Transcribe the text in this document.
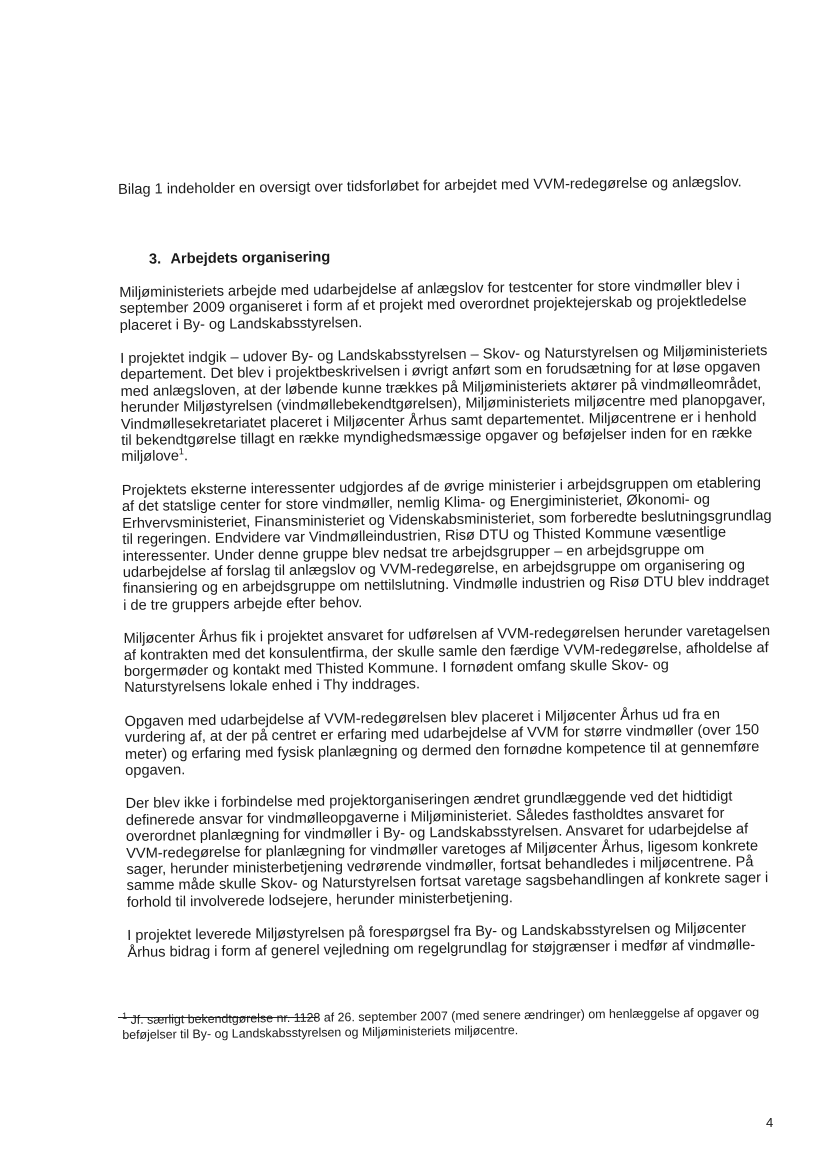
Bilag 1 indeholder en oversigt over tidsforløbet for arbejdet med VVM-redegørelse og anlægslov.

3. Arbejdets organisering

Miljøministeriets arbejde med udarbejdelse af anlægslov for testcenter for store vindmøller blev i september 2009 organiseret i form af et projekt med overordnet projektejerskab og projektledelse placeret i By- og Landskabsstyrelsen.

I projektet indgik – udover By- og Landskabsstyrelsen – Skov- og Naturstyrelsen og Miljøministeriets departement. Det blev i projektbeskrivelsen i øvrigt anført som en forudsætning for at løse opgaven med anlægsloven, at der løbende kunne trækkes på Miljøministeriets aktører på vindmølleområdet, herunder Miljøstyrelsen (vindmøllebekendtgørelsen), Miljøministeriets miljøcentre med planopgaver, Vindmøllesekretariatet placeret i Miljøcenter Århus samt departementet. Miljøcentrene er i henhold til bekendtgørelse tillagt en række myndighedsmæssige opgaver og beføjelser inden for en række miljølove$^1$.

Projektets eksterne interessenter udgjordes af de øvrige ministerier i arbejdsgruppen om etablering af det statslige center for store vindmøller, nemlig Klima- og Energiministeriet, Økonomi- og Erhvervsministeriet, Finansministeriet og Videnskabsministeriet, som forberedte beslutningsgrundlag til regeringen. Endvidere var Vindmølleindustrien, Risø DTU og Thisted Kommune væsentlige interessenter. Under denne gruppe blev nedsat tre arbejdsgrupper – en arbejdsgruppe om udarbejdelse af forslag til anlægslov og VVM-redegørelse, en arbejdsgruppe om organisering og finansiering og en arbejdsgruppe om nettilslutning. Vindmølle industrien og Risø DTU blev inddraget i de tre gruppers arbejde efter behov.

Miljøcenter Århus fik i projektet ansvaret for udførelsen af VVM-redegørelsen herunder varetagelsen af kontrakten med det konsulentfirma, der skulle samle den færdige VVM-redegørelse, afholdelse af borgermøder og kontakt med Thisted Kommune. I fornødent omfang skulle Skov- og Naturstyrelsens lokale enhed i Thy inddrages.

Opgaven med udarbejdelse af VVM-redegørelsen blev placeret i Miljøcenter Århus ud fra en vurdering af, at der på centret er erfaring med udarbejdelse af VVM for større vindmøller (over 150 meter) og erfaring med fysisk planlægning og dermed den fornødne kompetence til at gennemføre opgaven.

Der blev ikke i forbindelse med projektorganiseringen ændret grundlæggende ved det hidtidigt definerede ansvar for vindmølleopgaverne i Miljøministeriet. Således fastholdtes ansvaret for overordnet planlægning for vindmøller i By- og Landskabsstyrelsen. Ansvaret for udarbejdelse af VVM-redegørelse for planlægning for vindmøller varetoges af Miljøcenter Århus, ligesom konkrete sager, herunder ministerbetjening vedrørende vindmøller, fortsat behandledes i miljøcentrene. På samme måde skulle Skov- og Naturstyrelsen fortsat varetage sagsbehandlingen af konkrete sager i forhold til involverede lodsejere, herunder ministerbetjening.

I projektet leverede Miljøstyrelsen på forespørgsel fra By- og Landskabsstyrelsen og Miljøcenter Århus bidrag i form af generel vejledning om regelgrundlag for støjgrænser i medfør af vindmølle-

$^1$ Jf. særligt bekendtgørelse nr. 1128 af 26. september 2007 (med senere ændringer) om henlæggelse af opgaver og beføjelser til By- og Landskabsstyrelsen og Miljøministeriets miljøcentre.

4
